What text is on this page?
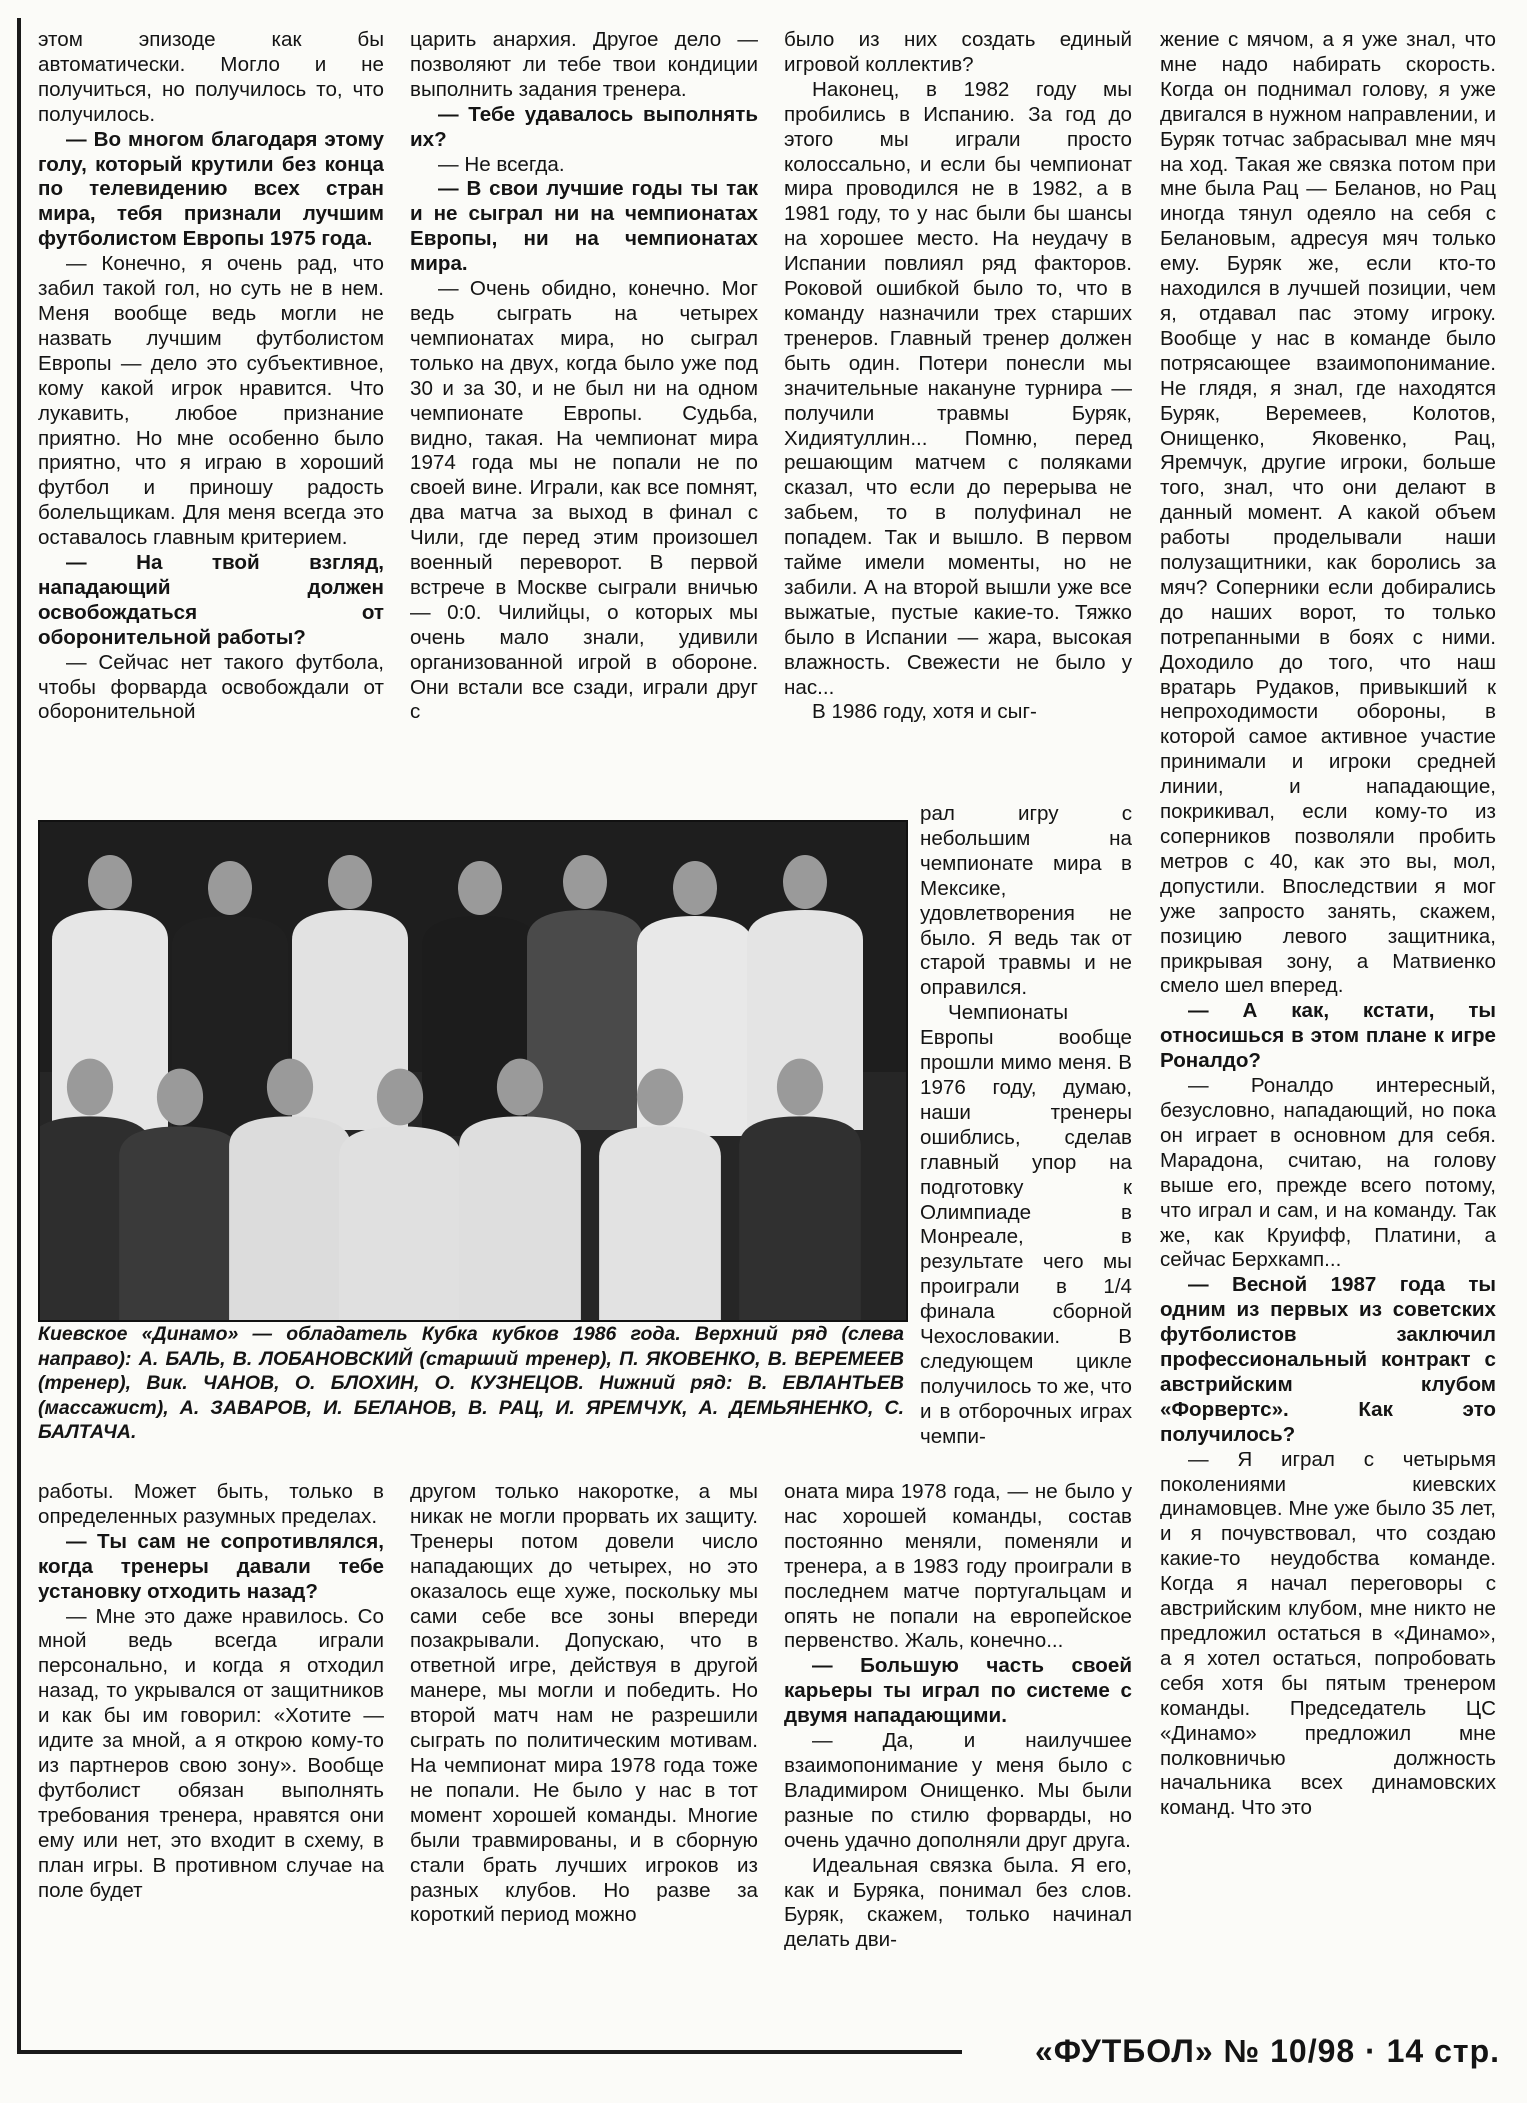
этом эпизоде как бы автоматически. Могло и не получиться, но получилось то, что получилось.

— Во многом благодаря этому голу, который крутили без конца по телевидению всех стран мира, тебя признали лучшим футболистом Европы 1975 года.

— Конечно, я очень рад, что забил такой гол, но суть не в нем. Меня вообще ведь могли не назвать лучшим футболистом Европы — дело это субъективное, кому какой игрок нравится. Что лукавить, любое признание приятно. Но мне особенно было приятно, что я играю в хороший футбол и приношу радость болельщикам. Для меня всегда это оставалось главным критерием.

— На твой взгляд, нападающий должен освобождаться от оборонительной работы?

— Сейчас нет такого футбола, чтобы форварда освобождали от оборонительной

царить анархия. Другое дело — позволяют ли тебе твои кондиции выполнить задания тренера.

— Тебе удавалось выполнять их?

— Не всегда.

— В свои лучшие годы ты так и не сыграл ни на чемпионатах Европы, ни на чемпионатах мира.

— Очень обидно, конечно. Мог ведь сыграть на четырех чемпионатах мира, но сыграл только на двух, когда было уже под 30 и за 30, и не был ни на одном чемпионате Европы. Судьба, видно, такая. На чемпионат мира 1974 года мы не попали не по своей вине. Играли, как все помнят, два матча за выход в финал с Чили, где перед этим произошел военный переворот. В первой встрече в Москве сыграли вничью — 0:0. Чилийцы, о которых мы очень мало знали, удивили организованной игрой в обороне. Они встали все сзади, играли друг с

было из них создать единый игровой коллектив?

Наконец, в 1982 году мы пробились в Испанию. За год до этого мы играли просто колоссально, и если бы чемпионат мира проводился не в 1982, а в 1981 году, то у нас были бы шансы на хорошее место. На неудачу в Испании повлиял ряд факторов. Роковой ошибкой было то, что в команду назначили трех старших тренеров. Главный тренер должен быть один. Потери понесли мы значительные накануне турнира — получили травмы Буряк, Хидиятуллин... Помню, перед решающим матчем с поляками сказал, что если до перерыва не забьем, то в полуфинал не попадем. Так и вышло. В первом тайме имели моменты, но не забили. А на второй вышли уже все выжатые, пустые какие-то. Тяжко было в Испании — жара, высокая влажность. Свежести не было у нас...

В 1986 году, хотя и сыг-

рал игру с небольшим на чемпионате мира в Мексике, удовлетворения не было. Я ведь так от старой травмы и не оправился.

Чемпионаты Европы вообще прошли мимо меня. В 1976 году, думаю, наши тренеры ошиблись, сделав главный упор на подготовку к Олимпиаде в Монреале, в результате чего мы проиграли в 1/4 финала сборной Чехословакии. В следующем цикле получилось то же, что и в отборочных играх чемпи-

жение с мячом, а я уже знал, что мне надо набирать скорость. Когда он поднимал голову, я уже двигался в нужном направлении, и Буряк тотчас забрасывал мне мяч на ход. Такая же связка потом при мне была Рац — Беланов, но Рац иногда тянул одеяло на себя с Белановым, адресуя мяч только ему. Буряк же, если кто-то находился в лучшей позиции, чем я, отдавал пас этому игроку. Вообще у нас в команде было потрясающее взаимопонимание. Не глядя, я знал, где находятся Буряк, Веремеев, Колотов, Онищенко, Яковенко, Рац, Яремчук, другие игроки, больше того, знал, что они делают в данный момент. А какой объем работы проделывали наши полузащитники, как боролись за мяч? Соперники если добирались до наших ворот, то только потрепанными в боях с ними. Доходило до того, что наш вратарь Рудаков, привыкший к непроходимости обороны, в которой самое активное участие принимали и игроки средней линии, и нападающие, покрикивал, если кому-то из соперников позволяли пробить метров с 40, как это вы, мол, допустили. Впоследствии я мог уже запросто занять, скажем, позицию левого защитника, прикрывая зону, а Матвиенко смело шел вперед.

— А как, кстати, ты относишься в этом плане к игре Роналдо?

— Роналдо интересный, безусловно, нападающий, но пока он играет в основном для себя. Марадона, считаю, на голову выше его, прежде всего потому, что играл и сам, и на команду. Так же, как Круифф, Платини, а сейчас Берхкамп...

— Весной 1987 года ты одним из первых из советских футболистов заключил профессиональный контракт с австрийским клубом «Форвертс». Как это получилось?

— Я играл с четырьмя поколениями киевских динамовцев. Мне уже было 35 лет, и я почувствовал, что создаю какие-то неудобства команде. Когда я начал переговоры с австрийским клубом, мне никто не предложил остаться в «Динамо», а я хотел остаться, попробовать себя хотя бы пятым тренером команды. Председатель ЦС «Динамо» предложил мне полковничью должность начальника всех динамовских команд. Что это

Киевское «Динамо» — обладатель Кубка кубков 1986 года. Верхний ряд (слева направо): А. БАЛЬ, В. ЛОБАНОВСКИЙ (старший тренер), П. ЯКОВЕНКО, В. ВЕРЕМЕЕВ (тренер), Вик. ЧАНОВ, О. БЛОХИН, О. КУЗНЕЦОВ. Нижний ряд: В. ЕВЛАНТЬЕВ (массажист), А. ЗАВАРОВ, И. БЕЛАНОВ, В. РАЦ, И. ЯРЕМЧУК, А. ДЕМЬЯНЕНКО, С. БАЛТАЧА.

работы. Может быть, только в определенных разумных пределах.

— Ты сам не сопротивлялся, когда тренеры давали тебе установку отходить назад?

— Мне это даже нравилось. Со мной ведь всегда играли персонально, и когда я отходил назад, то укрывался от защитников и как бы им говорил: «Хотите — идите за мной, а я открою кому-то из партнеров свою зону». Вообще футболист обязан выполнять требования тренера, нравятся они ему или нет, это входит в схему, в план игры. В противном случае на поле будет

другом только накоротке, а мы никак не могли прорвать их защиту. Тренеры потом довели число нападающих до четырех, но это оказалось еще хуже, поскольку мы сами себе все зоны впереди позакрывали. Допускаю, что в ответной игре, действуя в другой манере, мы могли и победить. Но второй матч нам не разрешили сыграть по политическим мотивам. На чемпионат мира 1978 года тоже не попали. Не было у нас в тот момент хорошей команды. Многие были травмированы, и в сборную стали брать лучших игроков из разных клубов. Но разве за короткий период можно

оната мира 1978 года, — не было у нас хорошей команды, состав постоянно меняли, поменяли и тренера, а в 1983 году проиграли в последнем матче португальцам и опять не попали на европейское первенство. Жаль, конечно...

— Большую часть своей карьеры ты играл по системе с двумя нападающими.

— Да, и наилучшее взаимопонимание у меня было с Владимиром Онищенко. Мы были разные по стилю форварды, но очень удачно дополняли друг друга.

Идеальная связка была. Я его, как и Буряка, понимал без слов. Буряк, скажем, только начинал делать дви-

«ФУТБОЛ» № 10/98 · 14 стр.
